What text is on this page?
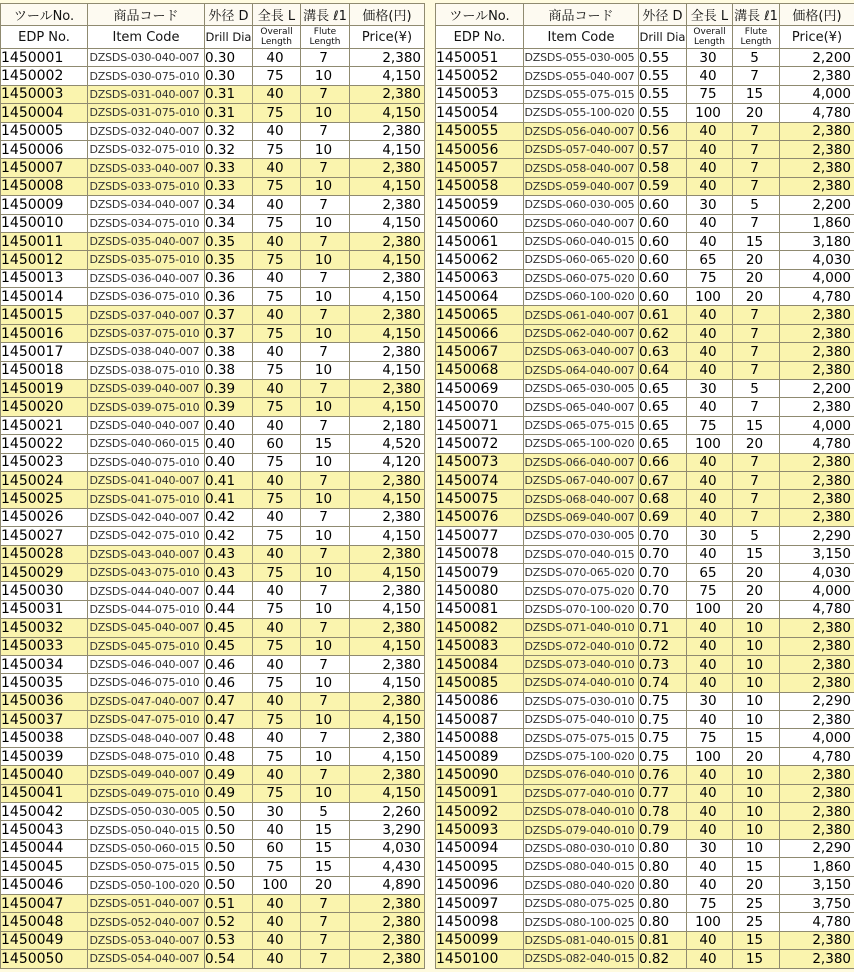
ツールNo.	商品コード	外径 D	全長 L	溝長 ℓ1	価格(円)
EDP No.	Item Code	Drill Dia	Overall Length	Flute Length	Price(¥)
1450001	DZSDS-030-040-007	0.30	40	7	2,380
1450002	DZSDS-030-075-010	0.30	75	10	4,150
1450003	DZSDS-031-040-007	0.31	40	7	2,380
1450004	DZSDS-031-075-010	0.31	75	10	4,150
1450005	DZSDS-032-040-007	0.32	40	7	2,380
1450006	DZSDS-032-075-010	0.32	75	10	4,150
1450007	DZSDS-033-040-007	0.33	40	7	2,380
1450008	DZSDS-033-075-010	0.33	75	10	4,150
1450009	DZSDS-034-040-007	0.34	40	7	2,380
1450010	DZSDS-034-075-010	0.34	75	10	4,150
1450011	DZSDS-035-040-007	0.35	40	7	2,380
1450012	DZSDS-035-075-010	0.35	75	10	4,150
1450013	DZSDS-036-040-007	0.36	40	7	2,380
1450014	DZSDS-036-075-010	0.36	75	10	4,150
1450015	DZSDS-037-040-007	0.37	40	7	2,380
1450016	DZSDS-037-075-010	0.37	75	10	4,150
1450017	DZSDS-038-040-007	0.38	40	7	2,380
1450018	DZSDS-038-075-010	0.38	75	10	4,150
1450019	DZSDS-039-040-007	0.39	40	7	2,380
1450020	DZSDS-039-075-010	0.39	75	10	4,150
1450021	DZSDS-040-040-007	0.40	40	7	2,180
1450022	DZSDS-040-060-015	0.40	60	15	4,520
1450023	DZSDS-040-075-010	0.40	75	10	4,120
1450024	DZSDS-041-040-007	0.41	40	7	2,380
1450025	DZSDS-041-075-010	0.41	75	10	4,150
1450026	DZSDS-042-040-007	0.42	40	7	2,380
1450027	DZSDS-042-075-010	0.42	75	10	4,150
1450028	DZSDS-043-040-007	0.43	40	7	2,380
1450029	DZSDS-043-075-010	0.43	75	10	4,150
1450030	DZSDS-044-040-007	0.44	40	7	2,380
1450031	DZSDS-044-075-010	0.44	75	10	4,150
1450032	DZSDS-045-040-007	0.45	40	7	2,380
1450033	DZSDS-045-075-010	0.45	75	10	4,150
1450034	DZSDS-046-040-007	0.46	40	7	2,380
1450035	DZSDS-046-075-010	0.46	75	10	4,150
1450036	DZSDS-047-040-007	0.47	40	7	2,380
1450037	DZSDS-047-075-010	0.47	75	10	4,150
1450038	DZSDS-048-040-007	0.48	40	7	2,380
1450039	DZSDS-048-075-010	0.48	75	10	4,150
1450040	DZSDS-049-040-007	0.49	40	7	2,380
1450041	DZSDS-049-075-010	0.49	75	10	4,150
1450042	DZSDS-050-030-005	0.50	30	5	2,260
1450043	DZSDS-050-040-015	0.50	40	15	3,290
1450044	DZSDS-050-060-015	0.50	60	15	4,030
1450045	DZSDS-050-075-015	0.50	75	15	4,430
1450046	DZSDS-050-100-020	0.50	100	20	4,890
1450047	DZSDS-051-040-007	0.51	40	7	2,380
1450048	DZSDS-052-040-007	0.52	40	7	2,380
1450049	DZSDS-053-040-007	0.53	40	7	2,380
1450050	DZSDS-054-040-007	0.54	40	7	2,380
ツールNo.	商品コード	外径 D	全長 L	溝長 ℓ1	価格(円)
EDP No.	Item Code	Drill Dia	Overall Length	Flute Length	Price(¥)
1450051	DZSDS-055-030-005	0.55	30	5	2,200
1450052	DZSDS-055-040-007	0.55	40	7	2,380
1450053	DZSDS-055-075-015	0.55	75	15	4,000
1450054	DZSDS-055-100-020	0.55	100	20	4,780
1450055	DZSDS-056-040-007	0.56	40	7	2,380
1450056	DZSDS-057-040-007	0.57	40	7	2,380
1450057	DZSDS-058-040-007	0.58	40	7	2,380
1450058	DZSDS-059-040-007	0.59	40	7	2,380
1450059	DZSDS-060-030-005	0.60	30	5	2,200
1450060	DZSDS-060-040-007	0.60	40	7	1,860
1450061	DZSDS-060-040-015	0.60	40	15	3,180
1450062	DZSDS-060-065-020	0.60	65	20	4,030
1450063	DZSDS-060-075-020	0.60	75	20	4,000
1450064	DZSDS-060-100-020	0.60	100	20	4,780
1450065	DZSDS-061-040-007	0.61	40	7	2,380
1450066	DZSDS-062-040-007	0.62	40	7	2,380
1450067	DZSDS-063-040-007	0.63	40	7	2,380
1450068	DZSDS-064-040-007	0.64	40	7	2,380
1450069	DZSDS-065-030-005	0.65	30	5	2,200
1450070	DZSDS-065-040-007	0.65	40	7	2,380
1450071	DZSDS-065-075-015	0.65	75	15	4,000
1450072	DZSDS-065-100-020	0.65	100	20	4,780
1450073	DZSDS-066-040-007	0.66	40	7	2,380
1450074	DZSDS-067-040-007	0.67	40	7	2,380
1450075	DZSDS-068-040-007	0.68	40	7	2,380
1450076	DZSDS-069-040-007	0.69	40	7	2,380
1450077	DZSDS-070-030-005	0.70	30	5	2,290
1450078	DZSDS-070-040-015	0.70	40	15	3,150
1450079	DZSDS-070-065-020	0.70	65	20	4,030
1450080	DZSDS-070-075-020	0.70	75	20	4,000
1450081	DZSDS-070-100-020	0.70	100	20	4,780
1450082	DZSDS-071-040-010	0.71	40	10	2,380
1450083	DZSDS-072-040-010	0.72	40	10	2,380
1450084	DZSDS-073-040-010	0.73	40	10	2,380
1450085	DZSDS-074-040-010	0.74	40	10	2,380
1450086	DZSDS-075-030-010	0.75	30	10	2,290
1450087	DZSDS-075-040-010	0.75	40	10	2,380
1450088	DZSDS-075-075-015	0.75	75	15	4,000
1450089	DZSDS-075-100-020	0.75	100	20	4,780
1450090	DZSDS-076-040-010	0.76	40	10	2,380
1450091	DZSDS-077-040-010	0.77	40	10	2,380
1450092	DZSDS-078-040-010	0.78	40	10	2,380
1450093	DZSDS-079-040-010	0.79	40	10	2,380
1450094	DZSDS-080-030-010	0.80	30	10	2,290
1450095	DZSDS-080-040-015	0.80	40	15	1,860
1450096	DZSDS-080-040-020	0.80	40	20	3,150
1450097	DZSDS-080-075-025	0.80	75	25	3,750
1450098	DZSDS-080-100-025	0.80	100	25	4,780
1450099	DZSDS-081-040-015	0.81	40	15	2,380
1450100	DZSDS-082-040-015	0.82	40	15	2,380
